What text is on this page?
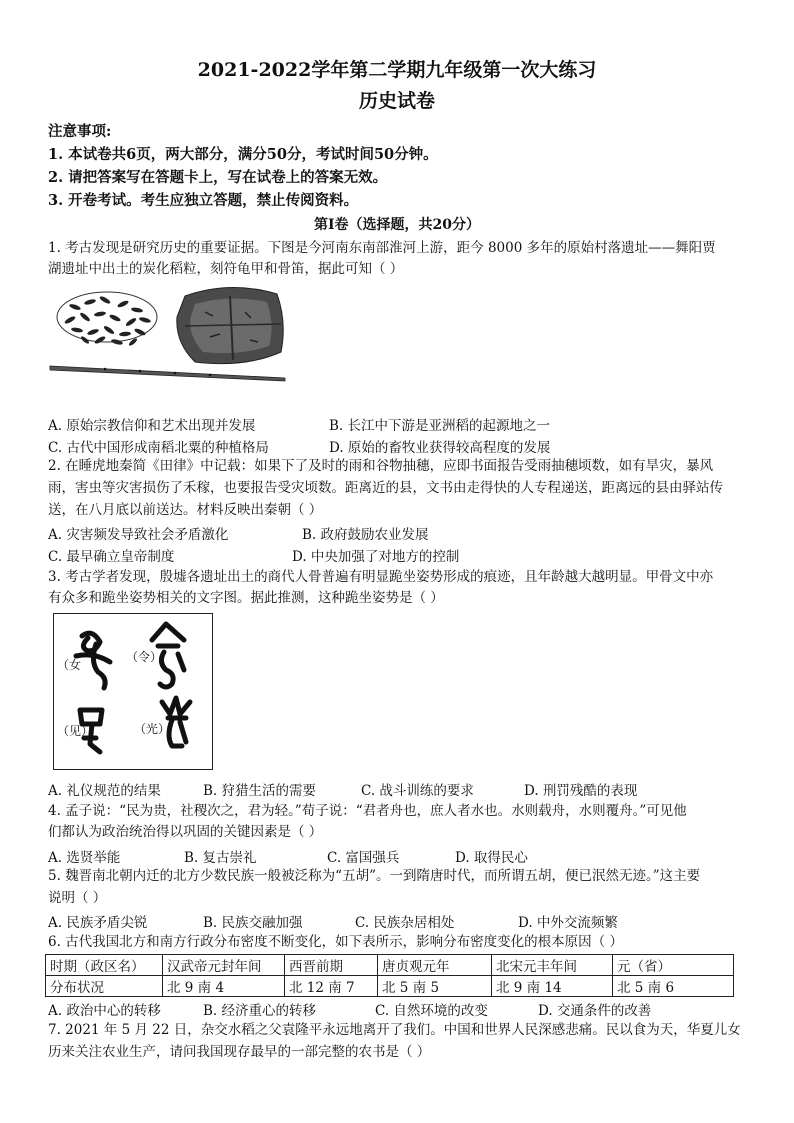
2021-2022学年第二学期九年级第一次大练习
历史试卷
注意事项:
1. 本试卷共6页，两大部分，满分50分，考试时间50分钟。
2. 请把答案写在答题卡上，写在试卷上的答案无效。
3. 开卷考试。考生应独立答题，禁止传阅资料。
第Ⅰ卷（选择题，共20分）
1. 考古发现是研究历史的重要证据。下图是今河南东南部淮河上游，距今 8000 多年的原始村落遗址——舞阳贾
湖遗址中出土的炭化稻粒，刻符龟甲和骨笛，据此可知（ ）
A. 原始宗教信仰和艺术出现并发展	B. 长江中下游是亚洲稻的起源地之一
C. 古代中国形成南稻北粟的种植格局	D. 原始的畜牧业获得较高程度的发展
2. 在睡虎地秦简《田律》中记载：如果下了及时的雨和谷物抽穗，应即书面报告受雨抽穗顷数，如有旱灾，暴风
雨，害虫等灾害损伤了禾稼，也要报告受灾顷数。距离近的县，文书由走得快的人专程递送，距离远的县由驿站传
送，在八月底以前送达。材料反映出秦朝（ ）
A. 灾害频发导致社会矛盾激化	B. 政府鼓励农业发展
C. 最早确立皇帝制度	D. 中央加强了对地方的控制
3. 考古学者发现，殷墟各遗址出土的商代人骨普遍有明显跪坐姿势形成的痕迹，且年龄越大越明显。甲骨文中亦
有众多和跪坐姿势相关的文字图。据此推测，这种跪坐姿势是（ ）
（女
（令）
（见）	（光）
A. 礼仪规范的结果	B. 狩猎生活的需要	C. 战斗训练的要求	D. 刑罚残酷的表现
4. 孟子说：“民为贵，社稷次之，君为轻。”荀子说：“君者舟也，庶人者水也。水则载舟，水则覆舟。”可见他
们都认为政治统治得以巩固的关键因素是（ ）
A. 选贤举能	B. 复古崇礼	C. 富国强兵	D. 取得民心
5. 魏晋南北朝内迁的北方少数民族一般被泛称为“五胡”。一到隋唐时代，而所谓五胡，便已泯然无迹。”这主要
说明（ ）
A. 民族矛盾尖锐	B. 民族交融加强	C. 民族杂居相处	D. 中外交流频繁
6. 古代我国北方和南方行政分布密度不断变化，如下表所示，影响分布密度变化的根本原因（ ）
时期（政区名）	汉武帝元封年间	西晋前期	唐贞观元年	北宋元丰年间	元（省）
分布状况	北 9 南 4	北 12 南 7	北 5 南 5	北 9 南 14	北 5 南 6
A. 政治中心的转移	B. 经济重心的转移	C. 自然环境的改变	D. 交通条件的改善
7. 2021 年 5 月 22 日，杂交水稻之父袁隆平永远地离开了我们。中国和世界人民深感悲痛。民以食为天，华夏儿女
历来关注农业生产，请问我国现存最早的一部完整的农书是（ ）
